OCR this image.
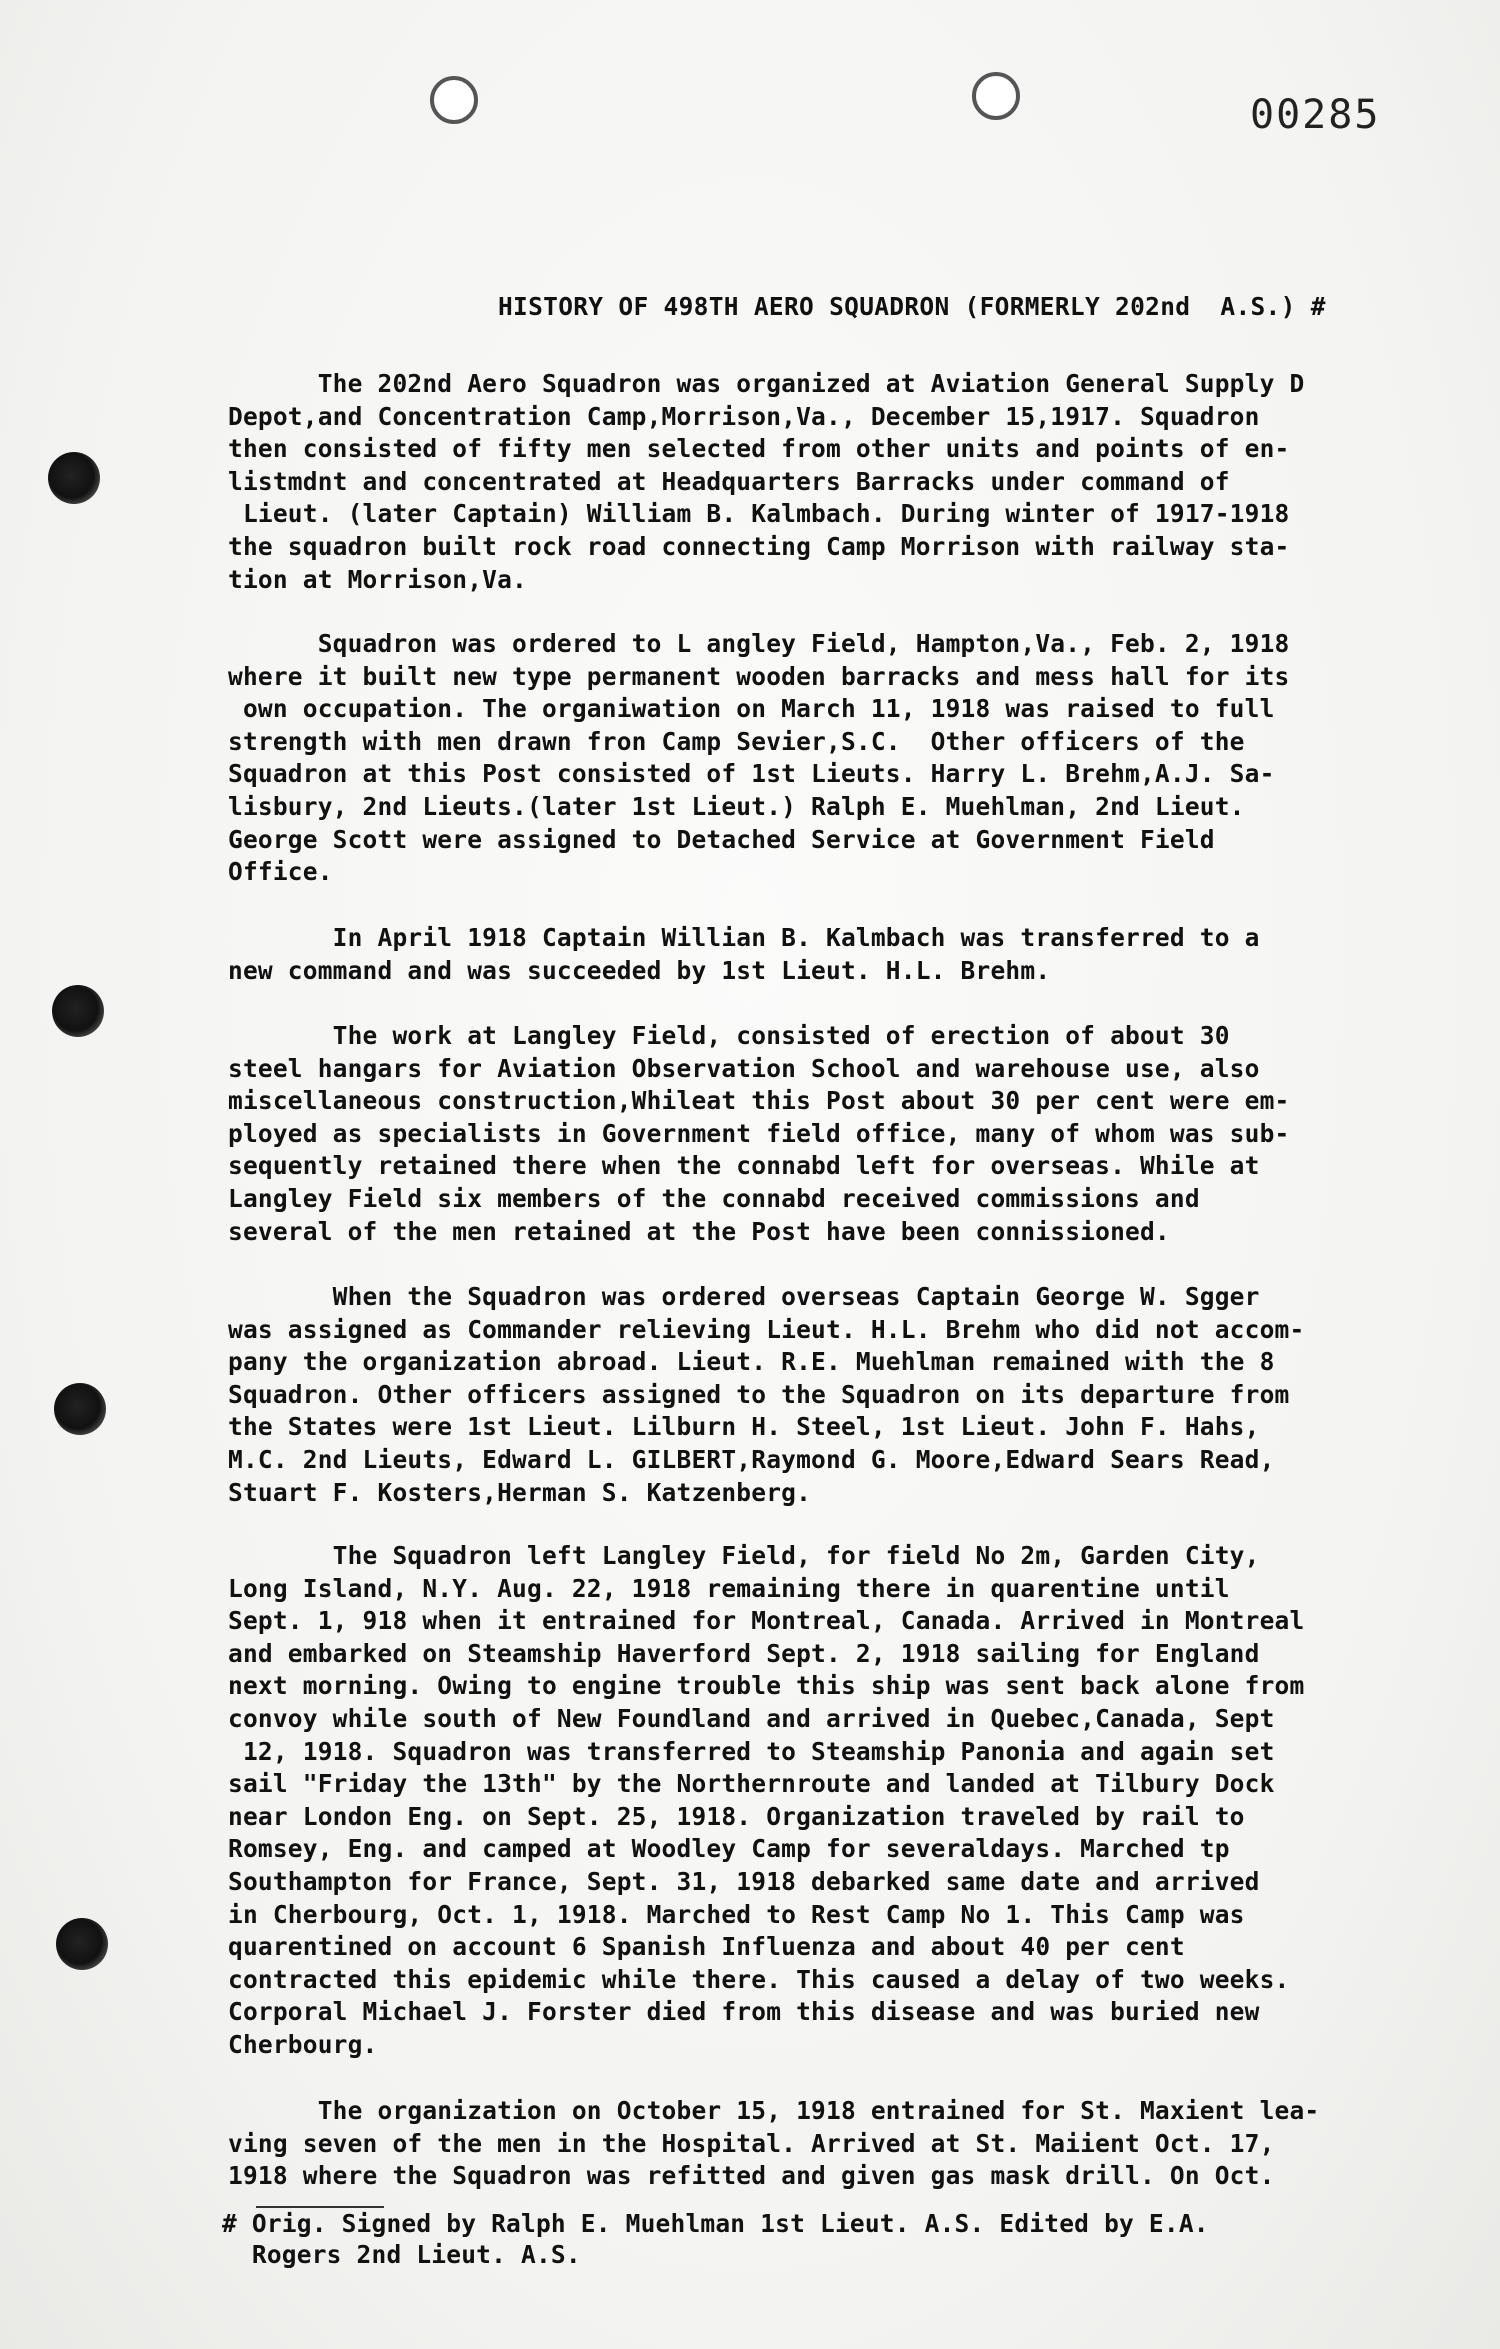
00285
HISTORY OF 498TH AERO SQUADRON (FORMERLY 202nd  A.S.) #
The 202nd Aero Squadron was organized at Aviation General Supply D
Depot,and Concentration Camp,Morrison,Va., December 15,1917. Squadron
then consisted of fifty men selected from other units and points of en-
listmdnt and concentrated at Headquarters Barracks under command of
Lieut. (later Captain) William B. Kalmbach. During winter of 1917-1918
the squadron built rock road connecting Camp Morrison with railway sta-
tion at Morrison,Va.
Squadron was ordered to L angley Field, Hampton,Va., Feb. 2, 1918
where it built new type permanent wooden barracks and mess hall for its
own occupation. The organiwation on March 11, 1918 was raised to full
strength with men drawn fron Camp Sevier,S.C.  Other officers of the
Squadron at this Post consisted of 1st Lieuts. Harry L. Brehm,A.J. Sa-
lisbury, 2nd Lieuts.(later 1st Lieut.) Ralph E. Muehlman, 2nd Lieut.
George Scott were assigned to Detached Service at Government Field
Office.
In April 1918 Captain Willian B. Kalmbach was transferred to a
new command and was succeeded by 1st Lieut. H.L. Brehm.
The work at Langley Field, consisted of erection of about 30
steel hangars for Aviation Observation School and warehouse use, also
miscellaneous construction,Whileat this Post about 30 per cent were em-
ployed as specialists in Government field office, many of whom was sub-
sequently retained there when the connabd left for overseas. While at
Langley Field six members of the connabd received commissions and
several of the men retained at the Post have been connissioned.
When the Squadron was ordered overseas Captain George W. Sgger
was assigned as Commander relieving Lieut. H.L. Brehm who did not accom-
pany the organization abroad. Lieut. R.E. Muehlman remained with the 8
Squadron. Other officers assigned to the Squadron on its departure from
the States were 1st Lieut. Lilburn H. Steel, 1st Lieut. John F. Hahs,
M.C. 2nd Lieuts, Edward L. GILBERT,Raymond G. Moore,Edward Sears Read,
Stuart F. Kosters,Herman S. Katzenberg.
The Squadron left Langley Field, for field No 2m, Garden City,
Long Island, N.Y. Aug. 22, 1918 remaining there in quarentine until
Sept. 1, 918 when it entrained for Montreal, Canada. Arrived in Montreal
and embarked on Steamship Haverford Sept. 2, 1918 sailing for England
next morning. Owing to engine trouble this ship was sent back alone from
convoy while south of New Foundland and arrived in Quebec,Canada, Sept
12, 1918. Squadron was transferred to Steamship Panonia and again set
sail "Friday the 13th" by the Northernroute and landed at Tilbury Dock
near London Eng. on Sept. 25, 1918. Organization traveled by rail to
Romsey, Eng. and camped at Woodley Camp for severaldays. Marched tp
Southampton for France, Sept. 31, 1918 debarked same date and arrived
in Cherbourg, Oct. 1, 1918. Marched to Rest Camp No 1. This Camp was
quarentined on account 6 Spanish Influenza and about 40 per cent
contracted this epidemic while there. This caused a delay of two weeks.
Corporal Michael J. Forster died from this disease and was buried new
Cherbourg.
The organization on October 15, 1918 entrained for St. Maxient lea-
ving seven of the men in the Hospital. Arrived at St. Maiient Oct. 17,
1918 where the Squadron was refitted and given gas mask drill. On Oct.
# Orig. Signed by Ralph E. Muehlman 1st Lieut. A.S. Edited by E.A.
Rogers 2nd Lieut. A.S.
